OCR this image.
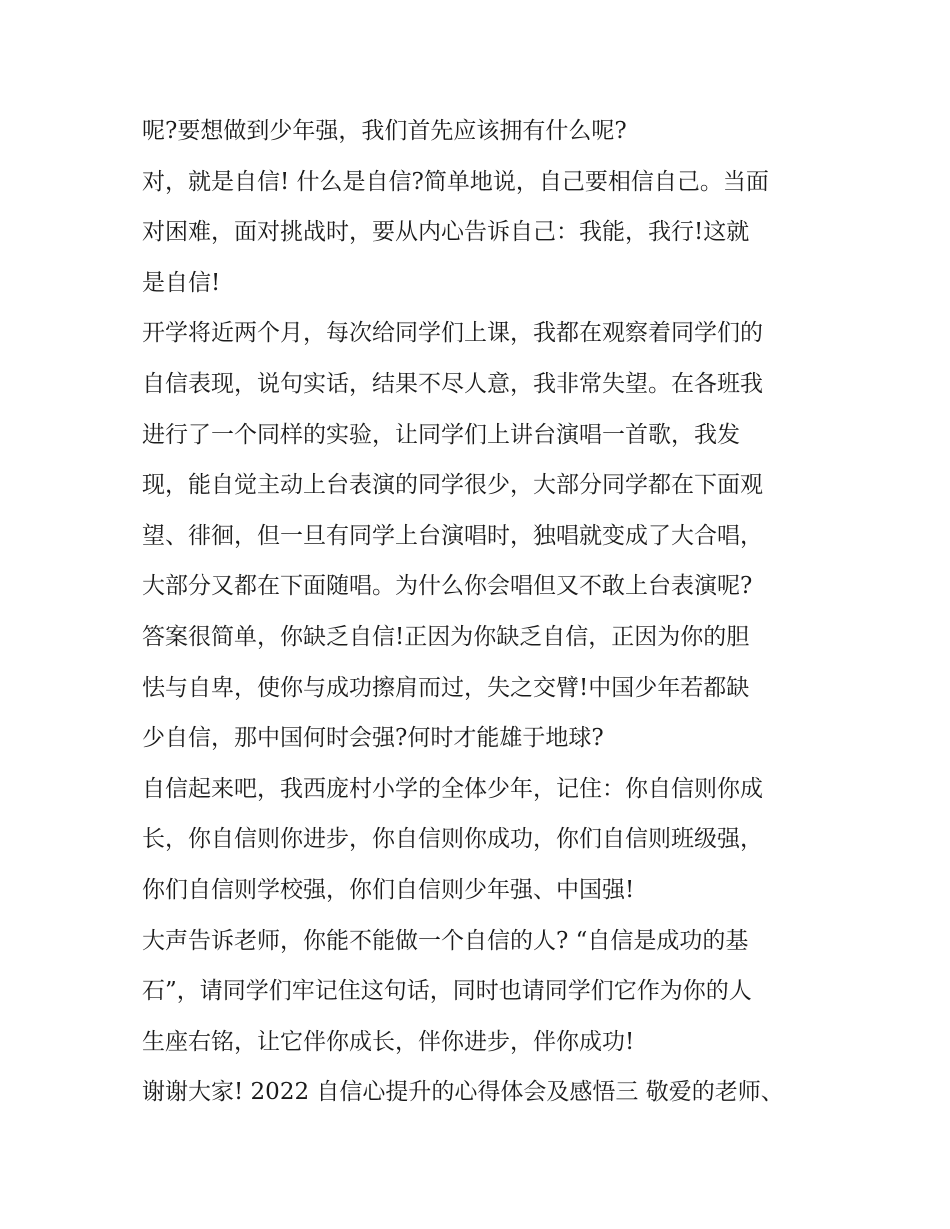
呢?要想做到少年强，我们首先应该拥有什么呢?
对，就是自信! 什么是自信?简单地说，自己要相信自己。当面
对困难，面对挑战时，要从内心告诉自己：我能，我行!这就
是自信!
开学将近两个月，每次给同学们上课，我都在观察着同学们的
自信表现，说句实话，结果不尽人意，我非常失望。在各班我
进行了一个同样的实验，让同学们上讲台演唱一首歌，我发
现，能自觉主动上台表演的同学很少，大部分同学都在下面观
望、徘徊，但一旦有同学上台演唱时，独唱就变成了大合唱，
大部分又都在下面随唱。为什么你会唱但又不敢上台表演呢?
答案很简单，你缺乏自信!正因为你缺乏自信，正因为你的胆
怯与自卑，使你与成功擦肩而过，失之交臂!中国少年若都缺
少自信，那中国何时会强?何时才能雄于地球?
自信起来吧，我西庞村小学的全体少年，记住：你自信则你成
长，你自信则你进步，你自信则你成功，你们自信则班级强，
你们自信则学校强，你们自信则少年强、中国强!
大声告诉老师，你能不能做一个自信的人? “自信是成功的基
石”，请同学们牢记住这句话，同时也请同学们它作为你的人
生座右铭，让它伴你成长，伴你进步，伴你成功!
谢谢大家! 2022 自信心提升的心得体会及感悟三 敬爱的老师、
